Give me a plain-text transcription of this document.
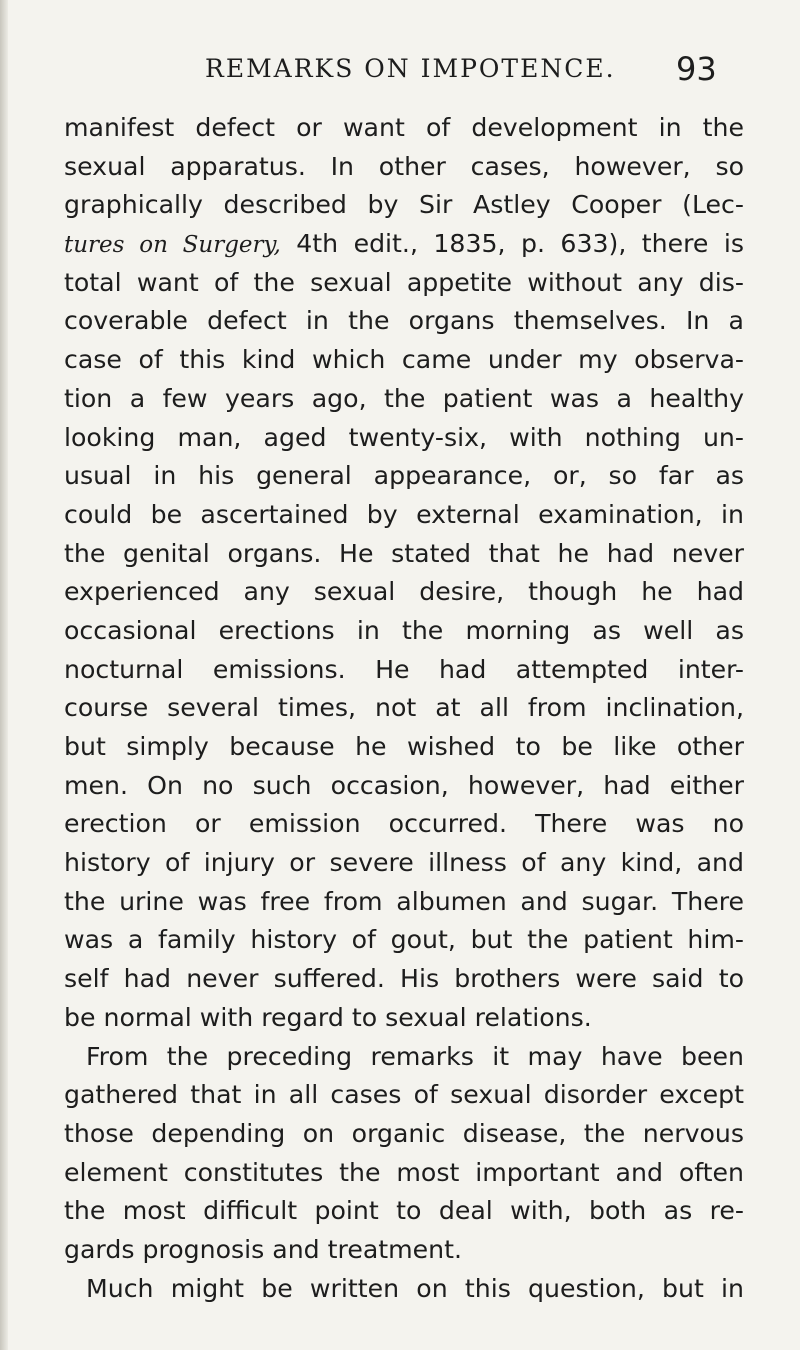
REMARKS ON IMPOTENCE. 93
manifest defect or want of development in the
sexual apparatus. In other cases, however, so
graphically described by Sir Astley Cooper (Lec-
tures on Surgery, 4th edit., 1835, p. 633), there is
total want of the sexual appetite without any dis-
coverable defect in the organs themselves. In a
case of this kind which came under my observa-
tion a few years ago, the patient was a healthy
looking man, aged twenty-six, with nothing un-
usual in his general appearance, or, so far as
could be ascertained by external examination, in
the genital organs. He stated that he had never
experienced any sexual desire, though he had
occasional erections in the morning as well as
nocturnal emissions. He had attempted inter-
course several times, not at all from inclination,
but simply because he wished to be like other
men. On no such occasion, however, had either
erection or emission occurred. There was no
history of injury or severe illness of any kind, and
the urine was free from albumen and sugar. There
was a family history of gout, but the patient him-
self had never suffered. His brothers were said to
be normal with regard to sexual relations.
From the preceding remarks it may have been
gathered that in all cases of sexual disorder except
those depending on organic disease, the nervous
element constitutes the most important and often
the most difficult point to deal with, both as re-
gards prognosis and treatment.
Much might be written on this question, but in
